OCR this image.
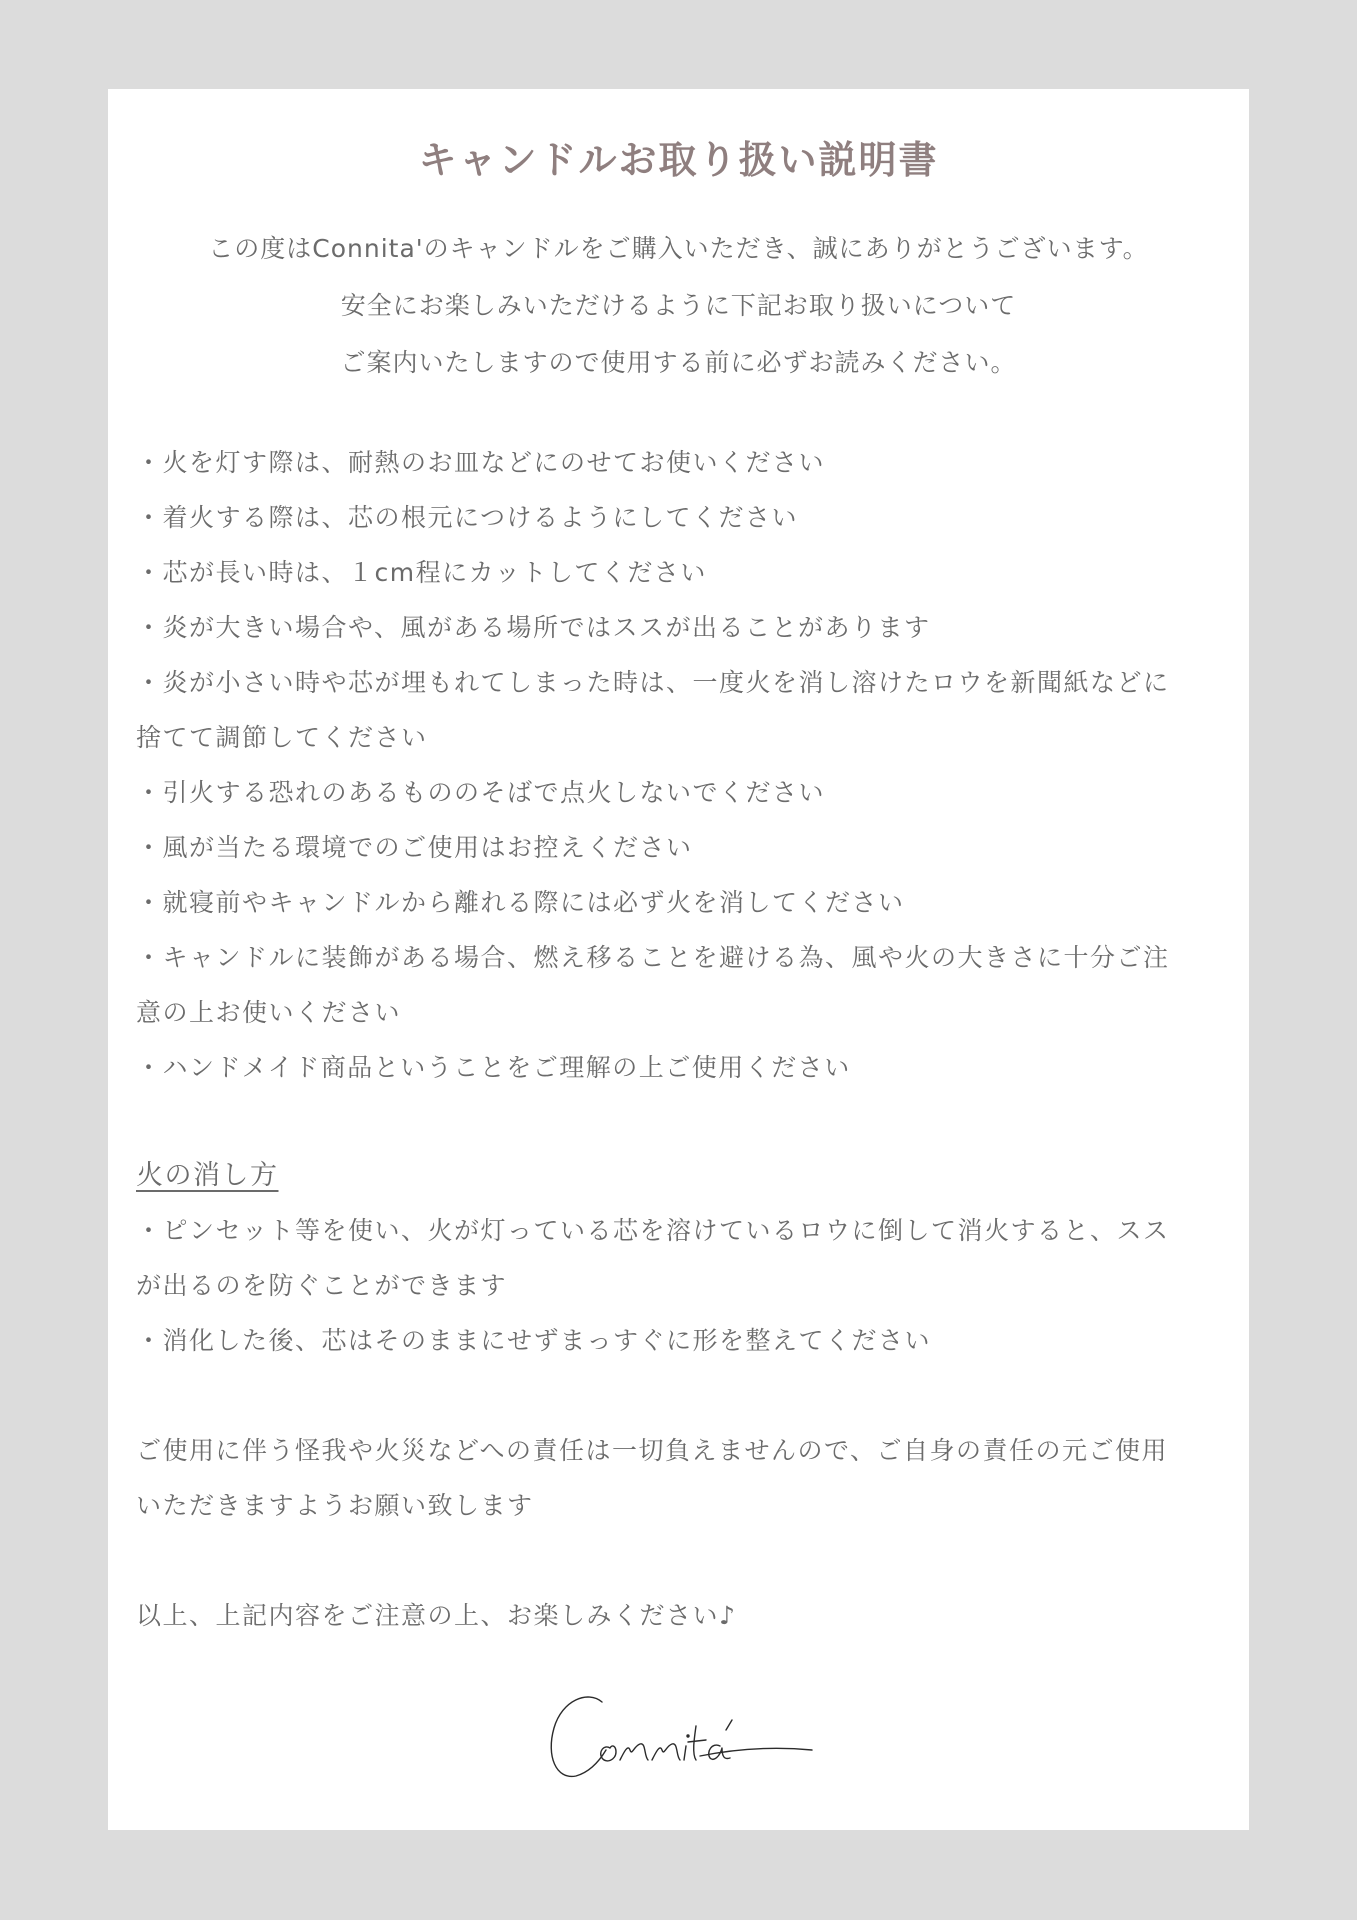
キャンドルお取り扱い説明書
この度はConnita'のキャンドルをご購入いただき、誠にありがとうございます。
安全にお楽しみいただけるように下記お取り扱いについて
ご案内いたしますので使用する前に必ずお読みください。
・火を灯す際は、耐熱のお皿などにのせてお使いください
・着火する際は、芯の根元につけるようにしてください
・芯が長い時は、１cm程にカットしてください
・炎が大きい場合や、風がある場所ではススが出ることがあります
・炎が小さい時や芯が埋もれてしまった時は、一度火を消し溶けたロウを新聞紙などに
捨てて調節してください
・引火する恐れのあるもののそばで点火しないでください
・風が当たる環境でのご使用はお控えください
・就寝前やキャンドルから離れる際には必ず火を消してください
・キャンドルに装飾がある場合、燃え移ることを避ける為、風や火の大きさに十分ご注
意の上お使いください
・ハンドメイド商品ということをご理解の上ご使用ください
火の消し方
・ピンセット等を使い、火が灯っている芯を溶けているロウに倒して消火すると、スス
が出るのを防ぐことができます
・消化した後、芯はそのままにせずまっすぐに形を整えてください
ご使用に伴う怪我や火災などへの責任は一切負えませんので、ご自身の責任の元ご使用
いただきますようお願い致します
以上、上記内容をご注意の上、お楽しみください♪
